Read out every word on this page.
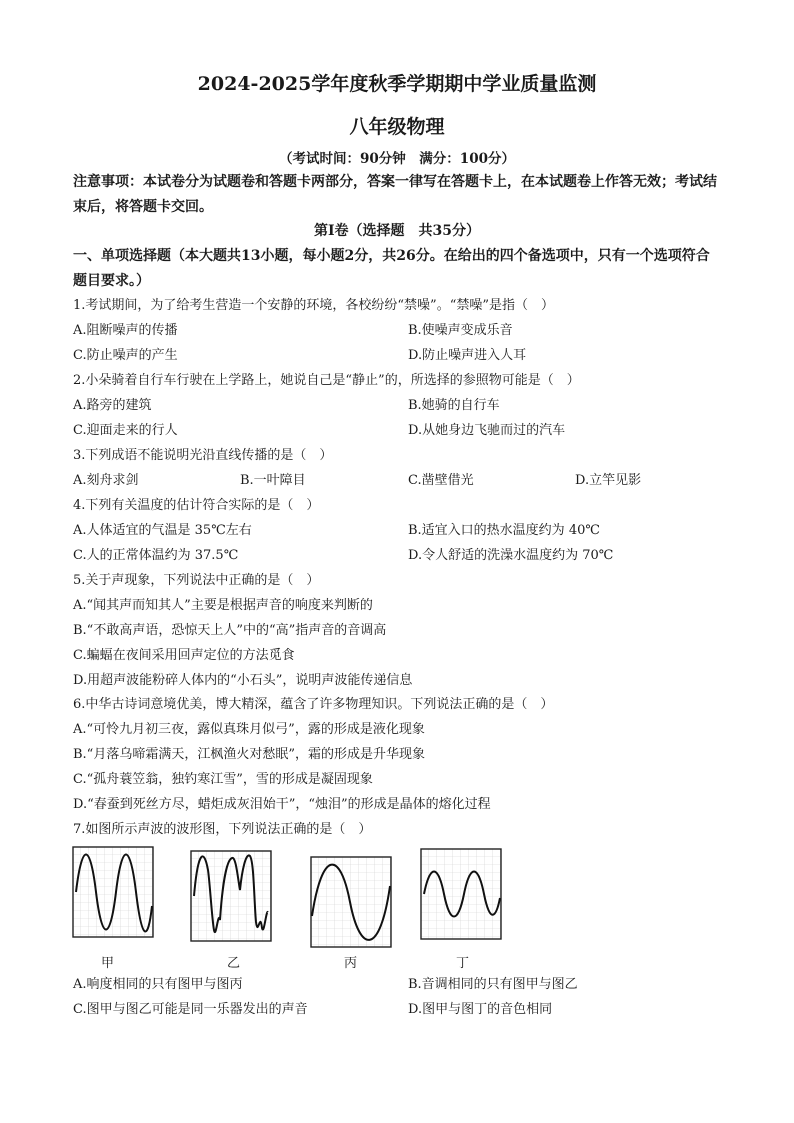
2024-2025学年度秋季学期期中学业质量监测
八年级物理
（考试时间：90分钟　满分：100分）
注意事项：本试卷分为试题卷和答题卡两部分，答案一律写在答题卡上，在本试题卷上作答无效；考试结束后，将答题卡交回。
第Ⅰ卷（选择题　共35分）
一、单项选择题（本大题共13小题，每小题2分，共26分。在给出的四个备选项中，只有一个选项符合题目要求。）
1.考试期间，为了给考生营造一个安静的环境，各校纷纷“禁噪”。“禁噪”是指（　）
A.阻断噪声的传播	B.使噪声变成乐音
C.防止噪声的产生	D.防止噪声进入人耳
2.小朵骑着自行车行驶在上学路上，她说自己是“静止”的，所选择的参照物可能是（　）
A.路旁的建筑	B.她骑的自行车
C.迎面走来的行人	D.从她身边飞驰而过的汽车
3.下列成语不能说明光沿直线传播的是（　）
A.刻舟求剑	B.一叶障目	C.凿壁借光	D.立竿见影
4.下列有关温度的估计符合实际的是（　）
A.人体适宜的气温是 35℃左右	B.适宜入口的热水温度约为 40℃
C.人的正常体温约为 37.5℃	D.令人舒适的洗澡水温度约为 70℃
5.关于声现象，下列说法中正确的是（　）
A.“闻其声而知其人”主要是根据声音的响度来判断的
B.“不敢高声语，恐惊天上人”中的“高”指声音的音调高
C.蝙蝠在夜间采用回声定位的方法觅食
D.用超声波能粉碎人体内的“小石头”，说明声波能传递信息
6.中华古诗词意境优美，博大精深，蕴含了许多物理知识。下列说法正确的是（　）
A.“可怜九月初三夜，露似真珠月似弓”，露的形成是液化现象
B.“月落乌啼霜满天，江枫渔火对愁眠”，霜的形成是升华现象
C.“孤舟蓑笠翁，独钓寒江雪”，雪的形成是凝固现象
D.“春蚕到死丝方尽，蜡炬成灰泪始干”，“烛泪”的形成是晶体的熔化过程
7.如图所示声波的波形图，下列说法正确的是（　）
甲	乙	丙	丁
A.响度相同的只有图甲与图丙	B.音调相同的只有图甲与图乙
C.图甲与图乙可能是同一乐器发出的声音	D.图甲与图丁的音色相同
